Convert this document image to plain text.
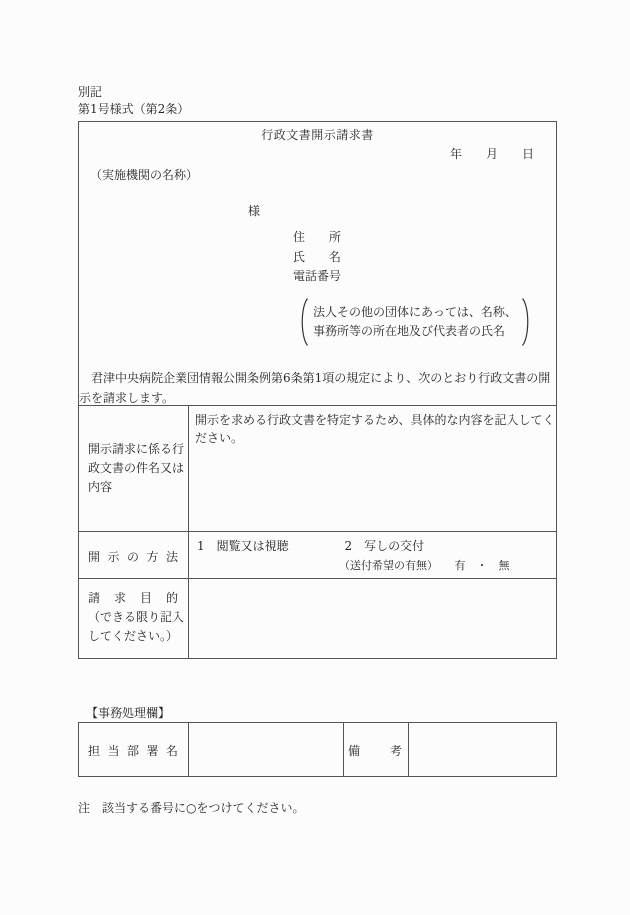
別記
第1号様式（第2条）
行政文書開示請求書
年　　月　　日
（実施機関の名称）
様
住　　所
氏　　名
電話番号
法人その他の団体にあっては、名称、
事務所等の所在地及び代表者の氏名
　君津中央病院企業団情報公開条例第6条第1項の規定により、次のとおり行政文書の開
示を請求します。
開示請求に係る行
政文書の件名又は
内容
開示を求める行政文書を特定するため、具体的な内容を記入してく
ださい。
開示の方法
1　閲覧又は視聴	2　写しの交付
（送付希望の有無）　　有　・　無
請求目的
（できる限り記入
してください。）
【事務処理欄】
担当部署名	備考
注　該当する番号に○をつけてください。
